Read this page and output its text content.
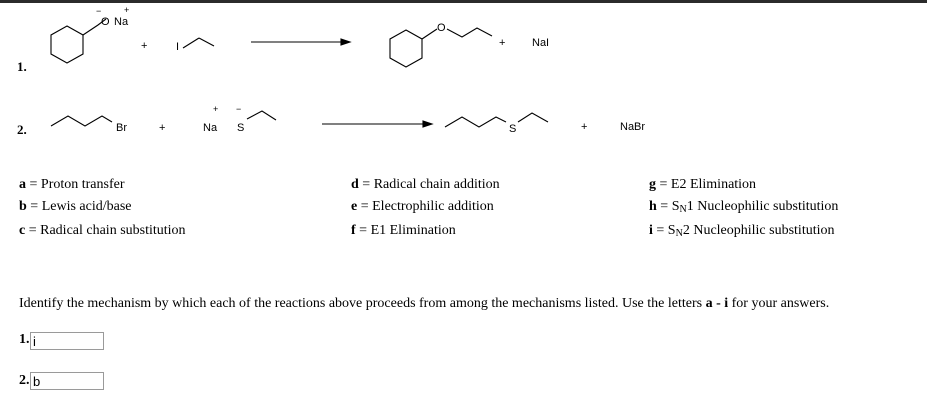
1.
−	+
O Na
+	I
O
+ NaI
2.	Br	+
+ −
Na S	S	+	NaBr
a = Proton transfer
b = Lewis acid/base
c = Radical chain substitution
d = Radical chain addition
e = Electrophilic addition
f = E1 Elimination
g = E2 Elimination
$h = S_N1$ Nucleophilic substitution
$i = S_N2$ Nucleophilic substitution
Identify the mechanism by which each of the reactions above proceeds from among the mechanisms listed. Use the letters a - i for your answers.
1.
i
2.
b
